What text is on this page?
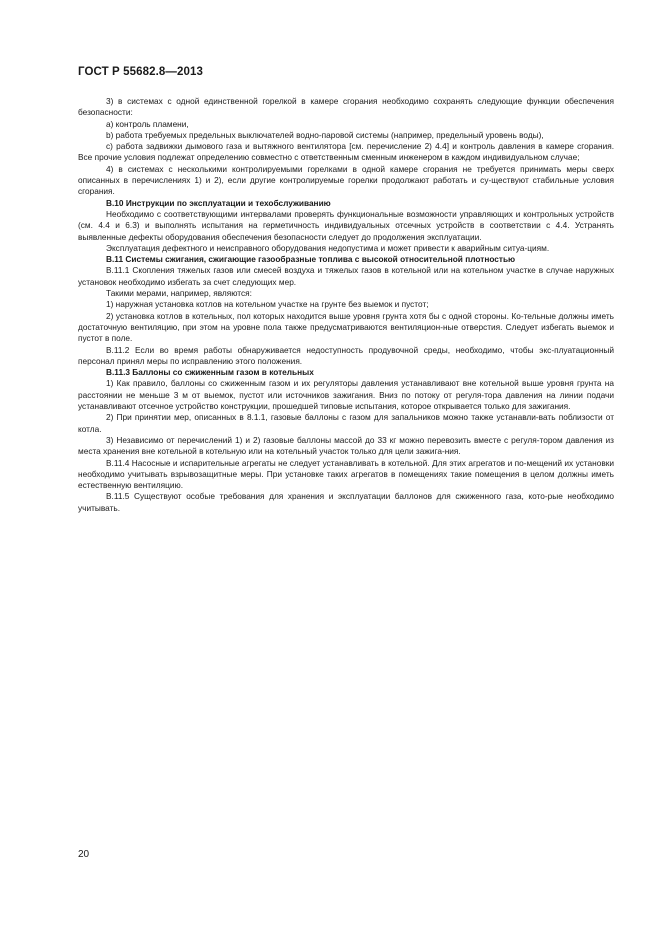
ГОСТ Р 55682.8—2013

3) в системах с одной единственной горелкой в камере сгорания необходимо сохранять следующие функции обеспечения безопасности:

a) контроль пламени,

b) работа требуемых предельных выключателей водно-паровой системы (например, предельный уровень воды),

c) работа задвижки дымового газа и вытяжного вентилятора [см. перечисление 2) 4.4] и контроль давления в камере сгорания. Все прочие условия подлежат определению совместно с ответственным сменным инженером в каждом индивидуальном случае;

4) в системах с несколькими контролируемыми горелками в одной камере сгорания не требуется принимать меры сверх описанных в перечислениях 1) и 2), если другие контролируемые горелки продолжают работать и су-ществуют стабильные условия сгорания.

В.10 Инструкции по эксплуатации и техобслуживанию

Необходимо с соответствующими интервалами проверять функциональные возможности управляющих и контрольных устройств (см. 4.4 и 6.3) и выполнять испытания на герметичность индивидуальных отсечных устройств в соответствии с 4.4. Устранять выявленные дефекты оборудования обеспечения безопасности следует до продолжения эксплуатации.

Эксплуатация дефектного и неисправного оборудования недопустима и может привести к аварийным ситуа-циям.

В.11 Системы сжигания, сжигающие газообразные топлива с высокой относительной плотностью

В.11.1 Скопления тяжелых газов или смесей воздуха и тяжелых газов в котельной или на котельном участке в случае наружных установок необходимо избегать за счет следующих мер.

Такими мерами, например, являются:

1) наружная установка котлов на котельном участке на грунте без выемок и пустот;

2) установка котлов в котельных, пол которых находится выше уровня грунта хотя бы с одной стороны. Ко-тельные должны иметь достаточную вентиляцию, при этом на уровне пола также предусматриваются вентиляцион-ные отверстия. Следует избегать выемок и пустот в поле.

В.11.2 Если во время работы обнаруживается недоступность продувочной среды, необходимо, чтобы экс-плуатационный персонал принял меры по исправлению этого положения.

В.11.3 Баллоны со сжиженным газом в котельных

1) Как правило, баллоны со сжиженным газом и их регуляторы давления устанавливают вне котельной выше уровня грунта на расстоянии не меньше 3 м от выемок, пустот или источников зажигания. Вниз по потоку от регуля-тора давления на линии подачи устанавливают отсечное устройство конструкции, прошедшей типовые испытания, которое открывается только для зажигания.

2) При принятии мер, описанных в 8.1.1, газовые баллоны с газом для запальников можно также устанавли-вать поблизости от котла.

3) Независимо от перечислений 1) и 2) газовые баллоны массой до 33 кг можно перевозить вместе с регуля-тором давления из места хранения вне котельной в котельную или на котельный участок только для цели зажига-ния.

В.11.4 Насосные и испарительные агрегаты не следует устанавливать в котельной. Для этих агрегатов и по-мещений их установки необходимо учитывать взрывозащитные меры. При установке таких агрегатов в помещениях такие помещения в целом должны иметь естественную вентиляцию.

В.11.5 Существуют особые требования для хранения и эксплуатации баллонов для сжиженного газа, кото-рые необходимо учитывать.

20
